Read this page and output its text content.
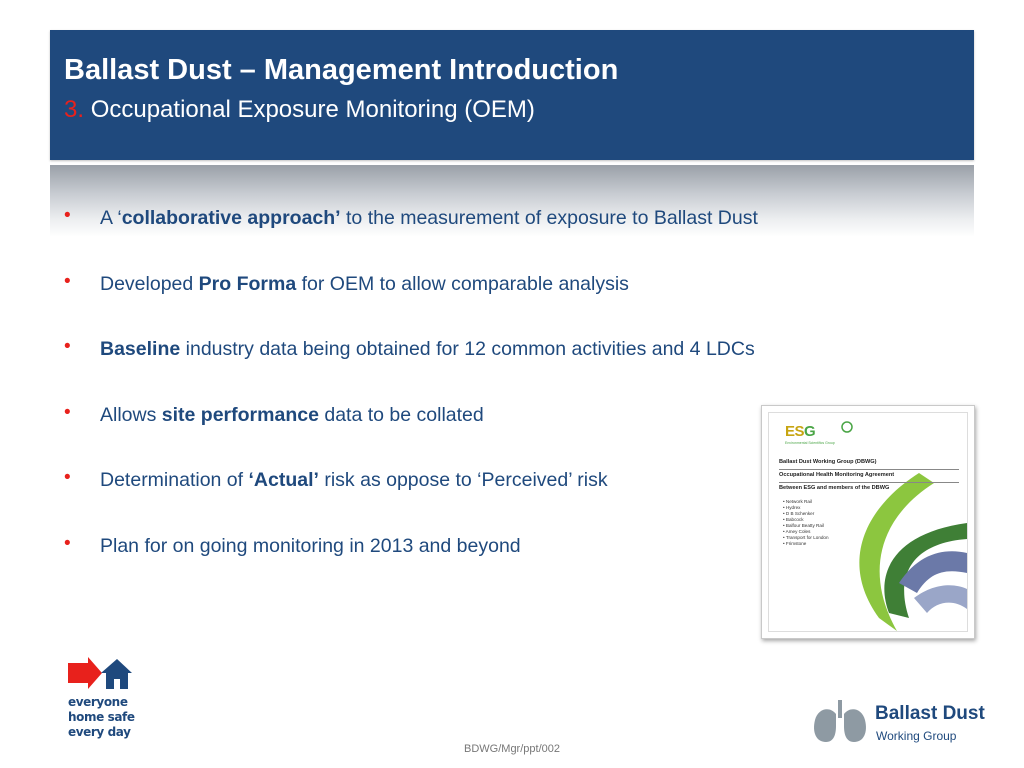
Ballast Dust – Management Introduction
3. Occupational Exposure Monitoring (OEM)
• A ‘collaborative approach’ to the measurement of exposure to Ballast Dust
• Developed Pro Forma for OEM to allow comparable analysis
• Baseline industry data being obtained for 12 common activities and 4 LDCs
• Allows site performance data to be collated
• Determination of ‘Actual’ risk as oppose to ‘Perceived’ risk
• Plan for on going monitoring in 2013 and beyond
ESG
Environmental Scientifics Group
Ballast Dust Working Group (DBWG)
Occupational Health Monitoring Agreement
Between ESG and members of the DBWG
• Network Rail
• Hydrex
• D B Schenker
• Babcock
• Balfour Beatty Rail
• Amey Coles
• Transport for London
• Frimstone
everyone
home safe
every day
Ballast Dust
Working Group
BDWG/Mgr/ppt/002
